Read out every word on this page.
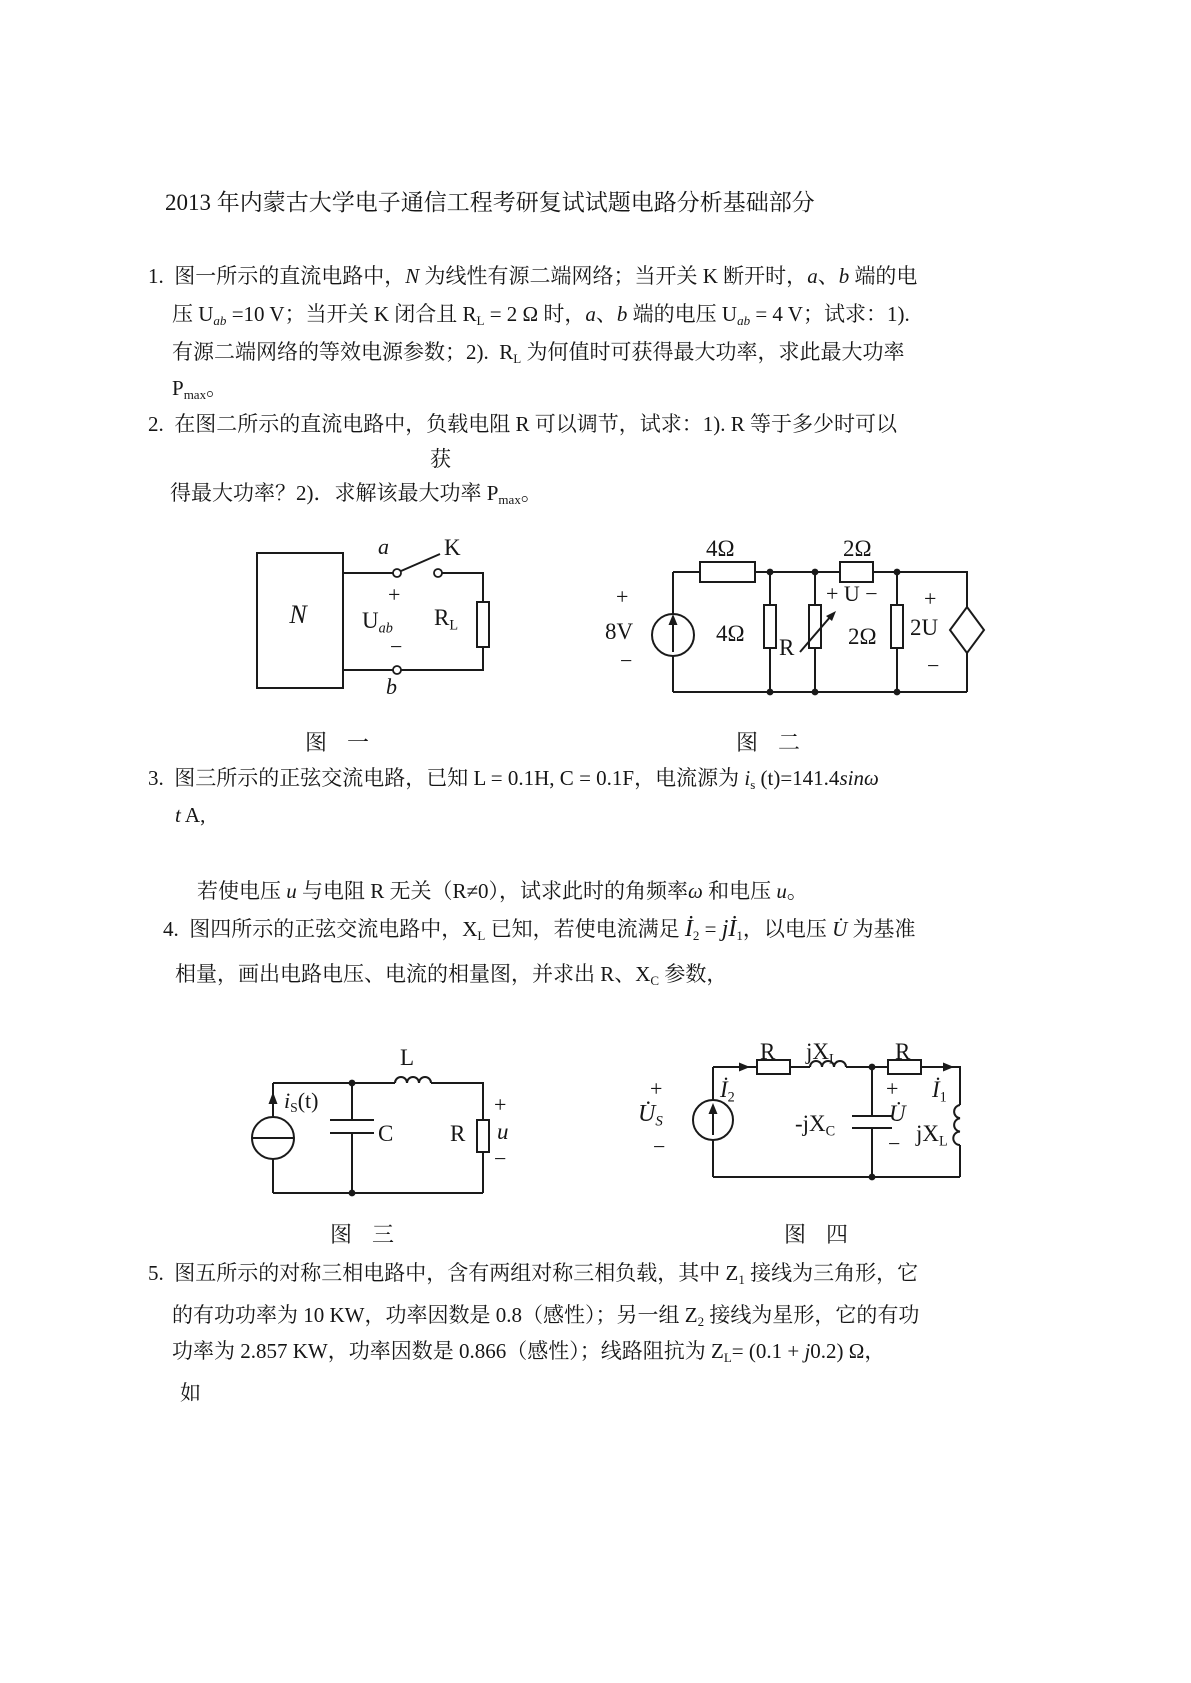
2013 年内蒙古大学电子通信工程考研复试试题电路分析基础部分
1.  图一所示的直流电路中，N 为线性有源二端网络；当开关 K 断开时，a、b 端的电
压 $U_{ab} =10$ V；当开关 K 闭合且 $R_L = 2$ Ω 时，a、b 端的电压 $U_{ab} = 4$ V；试求：1).
有源二端网络的等效电源参数；2).  $R_L$ 为何值时可获得最大功率，求此最大功率
$P_{max}$。
2.  在图二所示的直流电路中，负载电阻 R 可以调节，试求：1). R 等于多少时可以
获
得最大功率？2)．求解该最大功率 $P_{max}$。
N
a K
+
$U_{ab}$
−
b
$R_L$
图  一
+
8V
−
4Ω
4Ω
R
+ U −
2Ω
2Ω
+
2U
−
图  二
3.  图三所示的正弦交流电路，已知 L = 0.1H, C = 0.1F，电流源为 $i_s$ (t)=141.4sinω
t A,
若使电压 u 与电阻 R 无关（R≠0），试求此时的角频率ω 和电压 u。
4.  图四所示的正弦交流电路中，$X_L$ 已知，若使电流满足 $İ_2$ = $jİ_1$，以电压 U̇ 为基准
相量，画出电路电压、电流的相量图，并求出 R、$X_C$ 参数，
$i_S(t)$
L
C R
+
u
−
图  三
+
$U̇_S$
−
$İ_2$
R $jX_L$ R
$-jX_C$
+
U̇
−
$İ_1$
$jX_L$
图  四
5.  图五所示的对称三相电路中，含有两组对称三相负载，其中 $Z_1$ 接线为三角形，它
的有功功率为 10 KW，功率因数是 0.8（感性）；另一组 $Z_2$ 接线为星形，它的有功
功率为 2.857 KW，功率因数是 0.866（感性）；线路阻抗为 $Z_L= (0.1 + j0.2)$ Ω，
如
